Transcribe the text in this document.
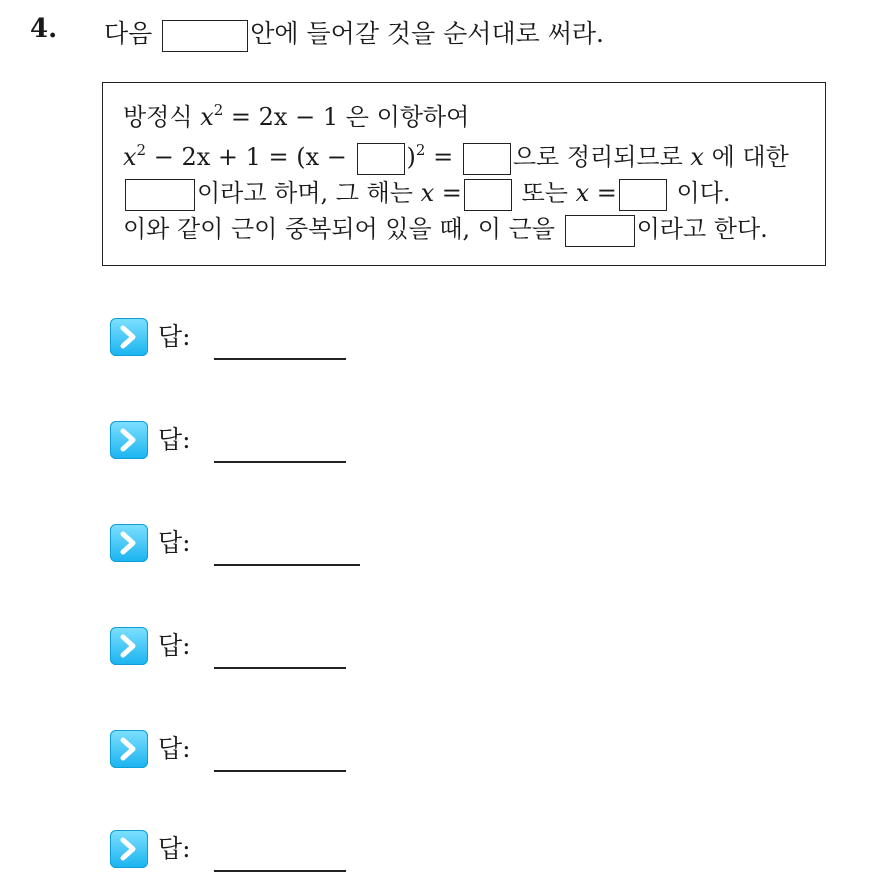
4. 다음	안에 들어갈 것을 순서대로 써라.
방정식 $x^2 = 2x - 1$ 은 이항하여
$x^2 - 2x + 1 = (x - )^2$ = 으로 정리되므로 x 에 대한
이라고 하며, 그 해는 x = 또는 x = 이다.
이와 같이 근이 중복되어 있을 때, 이 근을	이라고 한다.
답:
답:
답:
답:
답:
답:
